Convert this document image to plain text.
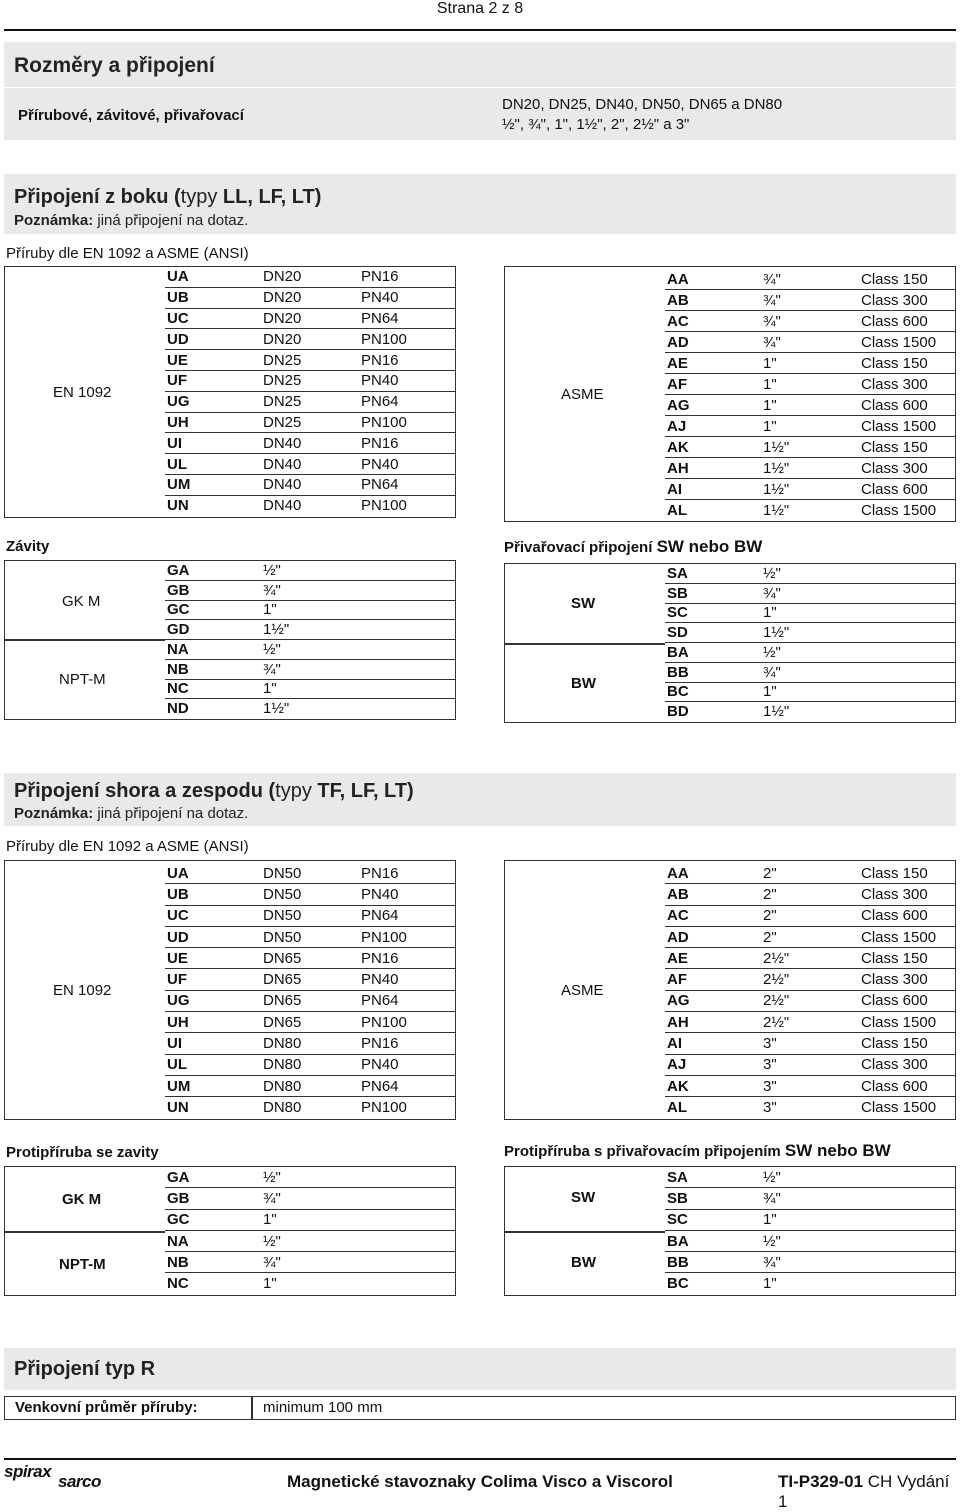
Strana 2 z 8
Rozměry a připojení
Přírubové, závitové, přivařovací
DN20, DN25, DN40, DN50, DN65 a DN80
½", ¾", 1", 1½", 2", 2½" a 3"
Připojení z boku (typy LL, LF, LT)
Poznámka: jiná připojení na dotaz.
Příruby dle EN 1092 a ASME (ANSI)
EN 1092
UA	DN20	PN16
UB	DN20	PN40
UC	DN20	PN64
UD	DN20	PN100
UE	DN25	PN16
UF	DN25	PN40
UG	DN25	PN64
UH	DN25	PN100
UI	DN40	PN16
UL	DN40	PN40
UM	DN40	PN64
UN	DN40	PN100
ASME
AA	¾"	Class 150
AB	¾"	Class 300
AC	¾"	Class 600
AD	¾"	Class 1500
AE	1"	Class 150
AF	1"	Class 300
AG	1"	Class 600
AJ	1"	Class 1500
AK	1½"	Class 150
AH	1½"	Class 300
AI	1½"	Class 600
AL	1½"	Class 1500
Závity
GK M
NPT-M
GA	½"
GB	¾"
GC	1"
GD	1½"
NA	½"
NB	¾"
NC	1"
ND	1½"
Přivařovací připojení SW nebo BW
SW
BW
SA	½"
SB	¾"
SC	1"
SD	1½"
BA	½"
BB	¾"
BC	1"
BD	1½"
Připojení shora a zespodu (typy TF, LF, LT)
Poznámka: jiná připojení na dotaz.
Příruby dle EN 1092 a ASME (ANSI)
EN 1092
UA	DN50	PN16
UB	DN50	PN40
UC	DN50	PN64
UD	DN50	PN100
UE	DN65	PN16
UF	DN65	PN40
UG	DN65	PN64
UH	DN65	PN100
UI	DN80	PN16
UL	DN80	PN40
UM	DN80	PN64
UN	DN80	PN100
ASME
AA	2"	Class 150
AB	2"	Class 300
AC	2"	Class 600
AD	2"	Class 1500
AE	2½"	Class 150
AF	2½"	Class 300
AG	2½"	Class 600
AH	2½"	Class 1500
AI	3"	Class 150
AJ	3"	Class 300
AK	3"	Class 600
AL	3"	Class 1500
Protipříruba se zavity
GK M
NPT-M
GA	½"
GB	¾"
GC	1"
NA	½"
NB	¾"
NC	1"
Protipříruba s přivařovacím připojením SW nebo BW
SW
BW
SA	½"
SB	¾"
SC	1"
BA	½"
BB	¾"
BC	1"
Připojení typ R
Venkovní průměr příruby:	minimum 100 mm
spirax
sarco	Magnetické stavoznaky Colima Visco a Viscorol	TI-P329-01 CH Vydání 1
